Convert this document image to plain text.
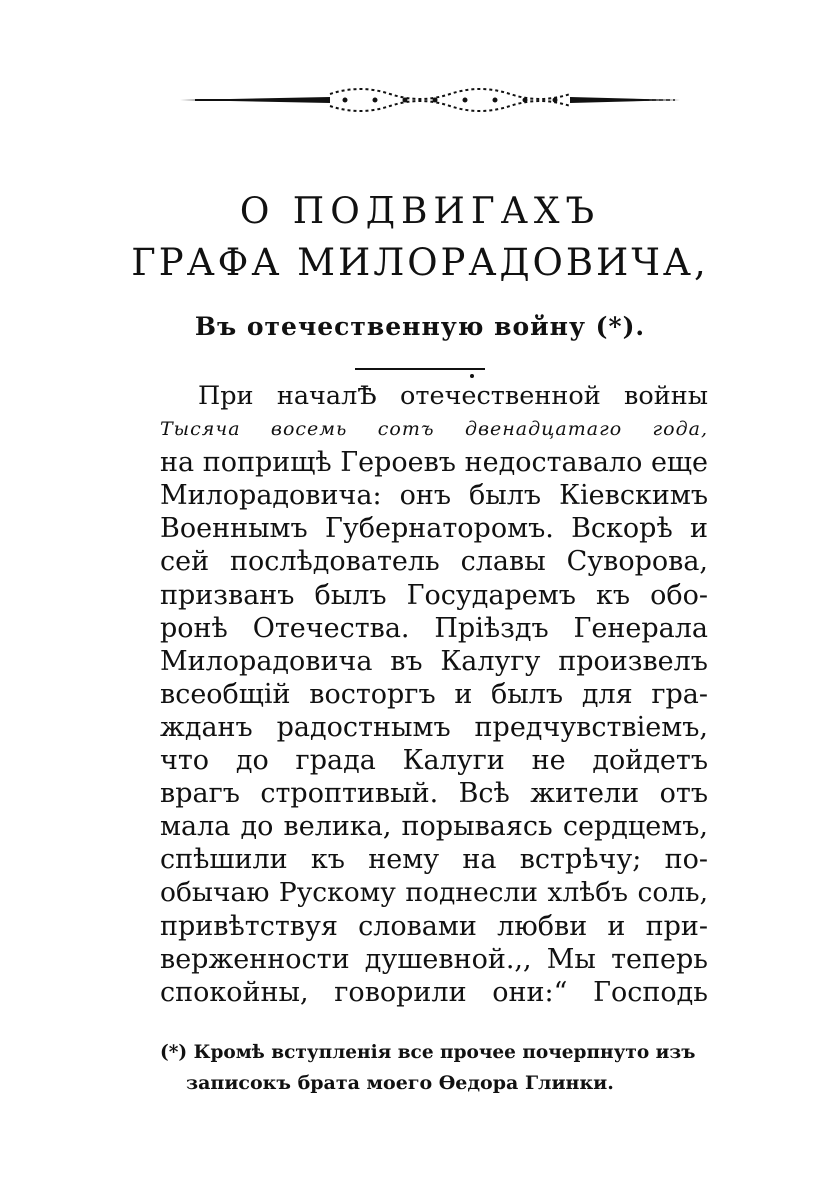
О ПОДВИГАХЪ
ГРАФА МИЛОРАДОВИЧА,
Въ отечественную войну (*).
При началѢ отечественной войны
Тысяча восемь сотъ двенадцатаго года,
на поприщѣ Героевъ недоставало еще
Милорадовича: онъ былъ Кіевскимъ
Военнымъ Губернаторомъ. Вскорѣ и
сей послѣдователь славы Суворова,
призванъ былъ Государемъ къ обо-
ронѣ Отечества. Пріѣздъ Генерала
Милорадовича въ Калугу произвелъ
всеобщій восторгъ и былъ для гра-
жданъ радостнымъ предчувствіемъ,
что до града Калуги не дойдетъ
врагъ строптивый. Всѣ жители отъ
мала до велика, порываясь сердцемъ,
спѣшили къ нему на встрѣчу; по-
обычаю Рускому поднесли хлѣбъ соль,
привѣтствуя словами любви и при-
верженности душевной.,, Мы теперь
спокойны, говорили они:“ Господь
(*) Кромѣ вступленія все прочее почерпнуто изъ
записокъ брата моего Ѳедора Глинки.
